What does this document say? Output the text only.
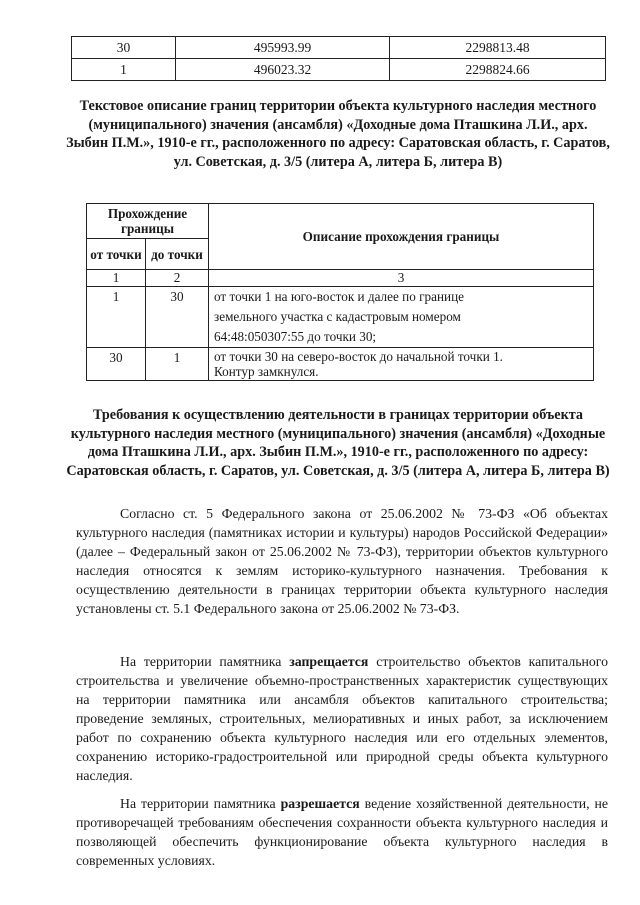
30	495993.99	2298813.48
1	496023.32	2298824.66
Текстовое описание границ территории объекта культурного наследия местного (муниципального) значения (ансамбля) «Доходные дома Пташкина Л.И., арх. Зыбин П.М.», 1910-е гг., расположенного по адресу: Саратовская область, г. Саратов, ул. Советская, д. 3/5 (литера А, литера Б, литера В)
Прохождение границы		Описание прохождения границы
от точки	до точки	
1	2	3
1	30	от точки 1 на юго-восток и далее по границе
земельного участка с кадастровым номером
64:48:050307:55 до точки 30;

30	1	от точки 30 на северо-восток до начальной точки 1.
Контур замкнулся.
Требования к осуществлению деятельности в границах территории объекта культурного наследия местного (муниципального) значения (ансамбля) «Доходные дома Пташкина Л.И., арх. Зыбин П.М.», 1910-е гг., расположенного по адресу: Саратовская область, г. Саратов, ул. Советская, д. 3/5 (литера А, литера Б, литера В)
Согласно ст. 5 Федерального закона от 25.06.2002 № 73-ФЗ «Об объектах культурного наследия (памятниках истории и культуры) народов Российской Федерации» (далее – Федеральный закон от 25.06.2002 № 73-ФЗ), территории объектов культурного наследия относятся к землям историко-культурного назначения. Требования к осуществлению деятельности в границах территории объекта культурного наследия установлены ст. 5.1 Федерального закона от 25.06.2002 № 73-ФЗ.
На территории памятника запрещается строительство объектов капитального строительства и увеличение объемно-пространственных характеристик существующих на территории памятника или ансамбля объектов капитального строительства; проведение земляных, строительных, мелиоративных и иных работ, за исключением работ по сохранению объекта культурного наследия или его отдельных элементов, сохранению историко-градостроительной или природной среды объекта культурного наследия.
На территории памятника разрешается ведение хозяйственной деятельности, не противоречащей требованиям обеспечения сохранности объекта культурного наследия и позволяющей обеспечить функционирование объекта культурного наследия в современных условиях.
